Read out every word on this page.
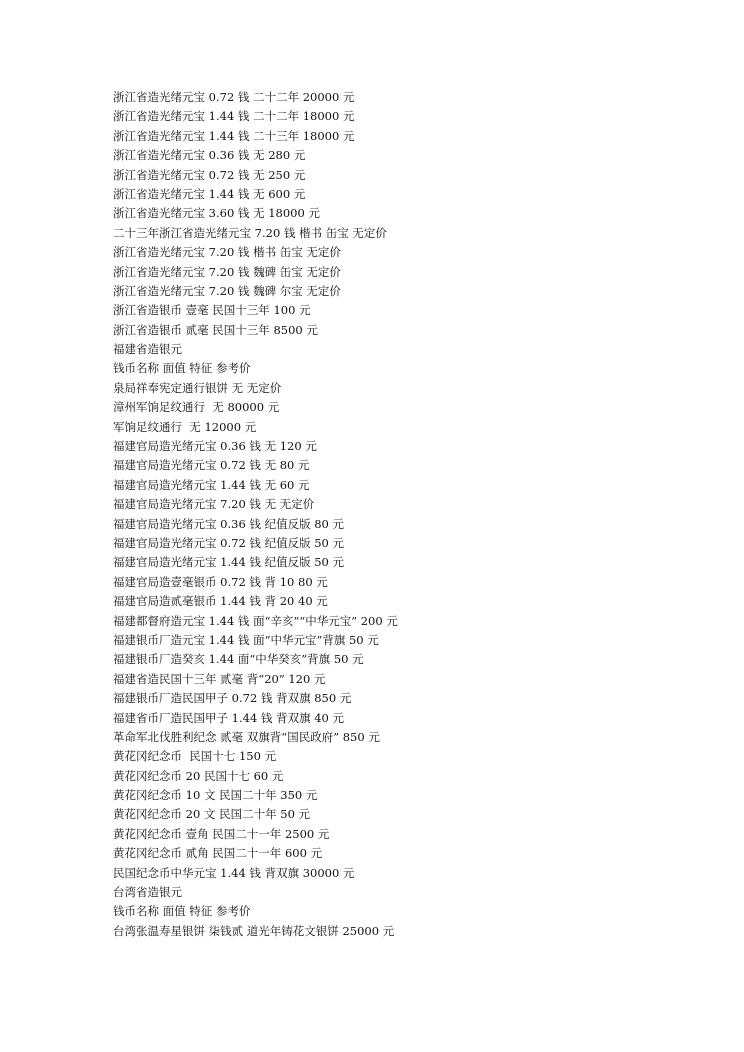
浙江省造光绪元宝 0.72 钱 二十二年 20000 元
浙江省造光绪元宝 1.44 钱 二十二年 18000 元
浙江省造光绪元宝 1.44 钱 二十三年 18000 元
浙江省造光绪元宝 0.36 钱 无 280 元
浙江省造光绪元宝 0.72 钱 无 250 元
浙江省造光绪元宝 1.44 钱 无 600 元
浙江省造光绪元宝 3.60 钱 无 18000 元
二十三年浙江省造光绪元宝 7.20 钱 楷书 缶宝 无定价
浙江省造光绪元宝 7.20 钱 楷书 缶宝 无定价
浙江省造光绪元宝 7.20 钱 魏碑 缶宝 无定价
浙江省造光绪元宝 7.20 钱 魏碑 尔宝 无定价
浙江省造银币 壹毫 民国十三年 100 元
浙江省造银币 贰毫 民国十三年 8500 元
福建省造银元
钱币名称 面值 特征 参考价
泉局祥奉宪定通行银饼 无 无定价
漳州军饷足纹通行  无 80000 元
军饷足纹通行  无 12000 元
福建官局造光绪元宝 0.36 钱 无 120 元
福建官局造光绪元宝 0.72 钱 无 80 元
福建官局造光绪元宝 1.44 钱 无 60 元
福建官局造光绪元宝 7.20 钱 无 无定价
福建官局造光绪元宝 0.36 钱 纪值反版 80 元
福建官局造光绪元宝 0.72 钱 纪值反版 50 元
福建官局造光绪元宝 1.44 钱 纪值反版 50 元
福建官局造壹毫银币 0.72 钱 背 10 80 元
福建官局造贰毫银币 1.44 钱 背 20 40 元
福建都督府造元宝 1.44 钱 面“辛亥”“中华元宝” 200 元
福建银币厂造元宝 1.44 钱 面“中华元宝”背旗 50 元
福建银币厂造癸亥 1.44 面“中华癸亥”背旗 50 元
福建省造民国十三年 贰毫 背“20” 120 元
福建银币厂造民国甲子 0.72 钱 背双旗 850 元
福建省币厂造民国甲子 1.44 钱 背双旗 40 元
革命军北伐胜利纪念 贰毫 双旗背“国民政府” 850 元
黄花冈纪念币  民国十七 150 元
黄花冈纪念币 20 民国十七 60 元
黄花冈纪念币 10 文 民国二十年 350 元
黄花冈纪念币 20 文 民国二十年 50 元
黄花冈纪念币 壹角 民国二十一年 2500 元
黄花冈纪念币 贰角 民国二十一年 600 元
民国纪念币中华元宝 1.44 钱 背双旗 30000 元
台湾省造银元
钱币名称 面值 特征 参考价
台湾张温寿星银饼 柒钱贰 道光年铸花文银饼 25000 元
